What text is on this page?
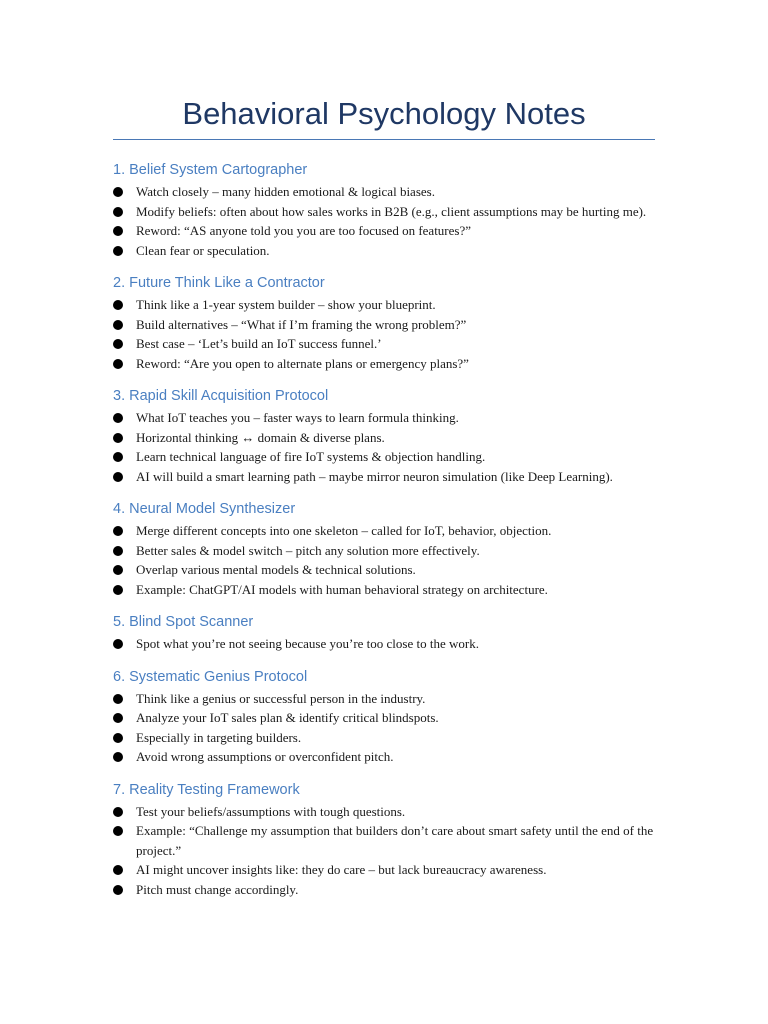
Behavioral Psychology Notes
1. Belief System Cartographer
Watch closely – many hidden emotional & logical biases.
Modify beliefs: often about how sales works in B2B (e.g., client assumptions may be hurting me).
Reword: “AS anyone told you you are too focused on features?”
Clean fear or speculation.
2. Future Think Like a Contractor
Think like a 1-year system builder – show your blueprint.
Build alternatives – “What if I’m framing the wrong problem?”
Best case – ‘Let’s build an IoT success funnel.’
Reword: “Are you open to alternate plans or emergency plans?”
3. Rapid Skill Acquisition Protocol
What IoT teaches you – faster ways to learn formula thinking.
Horizontal thinking ↔ domain & diverse plans.
Learn technical language of fire IoT systems & objection handling.
AI will build a smart learning path – maybe mirror neuron simulation (like Deep Learning).
4. Neural Model Synthesizer
Merge different concepts into one skeleton – called for IoT, behavior, objection.
Better sales & model switch – pitch any solution more effectively.
Overlap various mental models & technical solutions.
Example: ChatGPT/AI models with human behavioral strategy on architecture.
5. Blind Spot Scanner
Spot what you’re not seeing because you’re too close to the work.
6. Systematic Genius Protocol
Think like a genius or successful person in the industry.
Analyze your IoT sales plan & identify critical blindspots.
Especially in targeting builders.
Avoid wrong assumptions or overconfident pitch.
7. Reality Testing Framework
Test your beliefs/assumptions with tough questions.
Example: “Challenge my assumption that builders don’t care about smart safety until the end of the project.”
AI might uncover insights like: they do care – but lack bureaucracy awareness.
Pitch must change accordingly.
